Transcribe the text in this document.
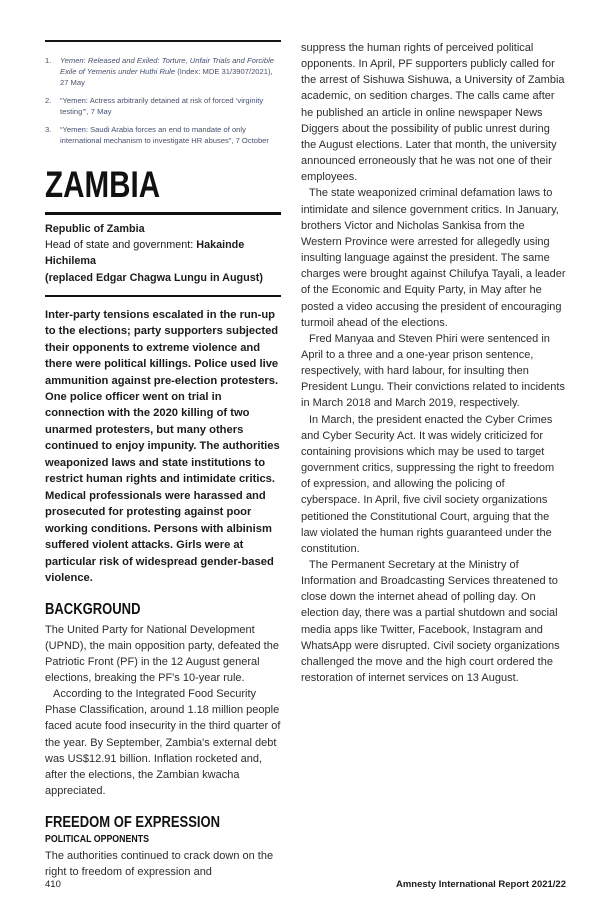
1.	Yemen: Released and Exiled: Torture, Unfair Trials and Forcible Exile of Yemenis under Huthi Rule (Index: MDE 31/3907/2021), 27 May
2.	“Yemen: Actress arbitrarily detained at risk of forced ‘virginity testing’”, 7 May
3.	“Yemen: Saudi Arabia forces an end to mandate of only international mechanism to investigate HR abuses”, 7 October
ZAMBIA
Republic of Zambia
Head of state and government: Hakainde Hichilema
(replaced Edgar Chagwa Lungu in August)

Inter-party tensions escalated in the run-up to the elections; party supporters subjected their opponents to extreme violence and there were political killings. Police used live ammunition against pre-election protesters. One police officer went on trial in connection with the 2020 killing of two unarmed protesters, but many others continued to enjoy impunity. The authorities weaponized laws and state institutions to restrict human rights and intimidate critics. Medical professionals were harassed and prosecuted for protesting against poor working conditions. Persons with albinism suffered violent attacks. Girls were at particular risk of widespread gender-based violence.

BACKGROUND

The United Party for National Development (UPND), the main opposition party, defeated the Patriotic Front (PF) in the 12 August general elections, breaking the PF's 10-year rule.

According to the Integrated Food Security Phase Classification, around 1.18 million people faced acute food insecurity in the third quarter of the year. By September, Zambia's external debt was US$12.91 billion. Inflation rocketed and, after the elections, the Zambian kwacha appreciated.

FREEDOM OF EXPRESSION
POLITICAL OPPONENTS

The authorities continued to crack down on the right to freedom of expression and

suppress the human rights of perceived political opponents. In April, PF supporters publicly called for the arrest of Sishuwa Sishuwa, a University of Zambia academic, on sedition charges. The calls came after he published an article in online newspaper News Diggers about the possibility of public unrest during the August elections. Later that month, the university announced erroneously that he was not one of their employees.

The state weaponized criminal defamation laws to intimidate and silence government critics. In January, brothers Victor and Nicholas Sankisa from the Western Province were arrested for allegedly using insulting language against the president. The same charges were brought against Chilufya Tayali, a leader of the Economic and Equity Party, in May after he posted a video accusing the president of encouraging turmoil ahead of the elections.

Fred Manyaa and Steven Phiri were sentenced in April to a three and a one-year prison sentence, respectively, with hard labour, for insulting then President Lungu. Their convictions related to incidents in March 2018 and March 2019, respectively.

In March, the president enacted the Cyber Crimes and Cyber Security Act. It was widely criticized for containing provisions which may be used to target government critics, suppressing the right to freedom of expression, and allowing the policing of cyberspace. In April, five civil society organizations petitioned the Constitutional Court, arguing that the law violated the human rights guaranteed under the constitution.

The Permanent Secretary at the Ministry of Information and Broadcasting Services threatened to close down the internet ahead of polling day. On election day, there was a partial shutdown and social media apps like Twitter, Facebook, Instagram and WhatsApp were disrupted. Civil society organizations challenged the move and the high court ordered the restoration of internet services on 13 August.

410	Amnesty International Report 2021/22
